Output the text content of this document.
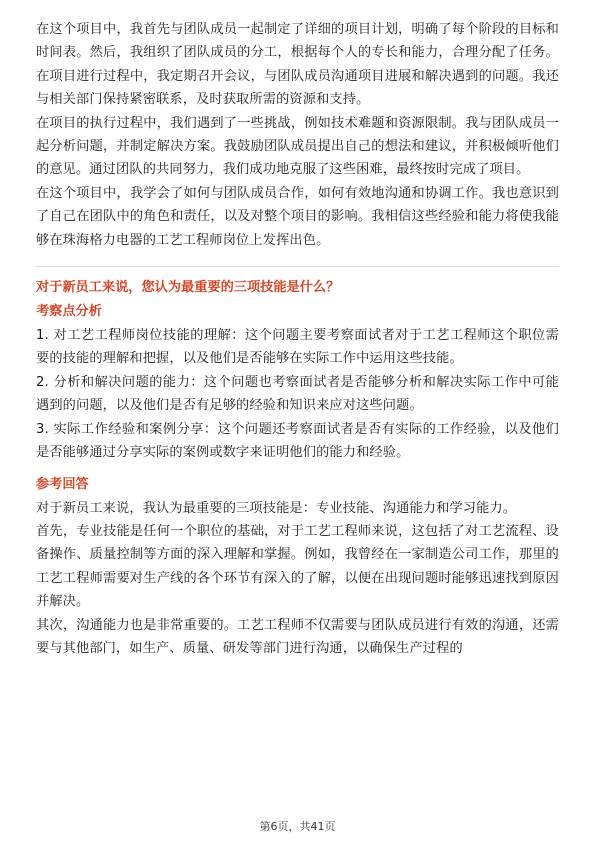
在这个项目中，我首先与团队成员一起制定了详细的项目计划，明确了每个阶段的目标和时间表。然后，我组织了团队成员的分工，根据每个人的专长和能力，合理分配了任务。在项目进行过程中，我定期召开会议，与团队成员沟通项目进展和解决遇到的问题。我还与相关部门保持紧密联系，及时获取所需的资源和支持。

在项目的执行过程中，我们遇到了一些挑战，例如技术难题和资源限制。我与团队成员一起分析问题，并制定解决方案。我鼓励团队成员提出自己的想法和建议，并积极倾听他们的意见。通过团队的共同努力，我们成功地克服了这些困难，最终按时完成了项目。

在这个项目中，我学会了如何与团队成员合作，如何有效地沟通和协调工作。我也意识到了自己在团队中的角色和责任，以及对整个项目的影响。我相信这些经验和能力将使我能够在珠海格力电器的工艺工程师岗位上发挥出色。

对于新员工来说，您认为最重要的三项技能是什么？

考察点分析

1. 对工艺工程师岗位技能的理解：这个问题主要考察面试者对于工艺工程师这个职位需要的技能的理解和把握，以及他们是否能够在实际工作中运用这些技能。

2. 分析和解决问题的能力：这个问题也考察面试者是否能够分析和解决实际工作中可能遇到的问题，以及他们是否有足够的经验和知识来应对这些问题。

3. 实际工作经验和案例分享：这个问题还考察面试者是否有实际的工作经验，以及他们是否能够通过分享实际的案例或数字来证明他们的能力和经验。

参考回答

对于新员工来说，我认为最重要的三项技能是：专业技能、沟通能力和学习能力。

首先，专业技能是任何一个职位的基础，对于工艺工程师来说，这包括了对工艺流程、设备操作、质量控制等方面的深入理解和掌握。例如，我曾经在一家制造公司工作，那里的工艺工程师需要对生产线的各个环节有深入的了解，以便在出现问题时能够迅速找到原因并解决。

其次，沟通能力也是非常重要的。工艺工程师不仅需要与团队成员进行有效的沟通，还需要与其他部门，如生产、质量、研发等部门进行沟通，以确保生产过程的

第6页，共41页
